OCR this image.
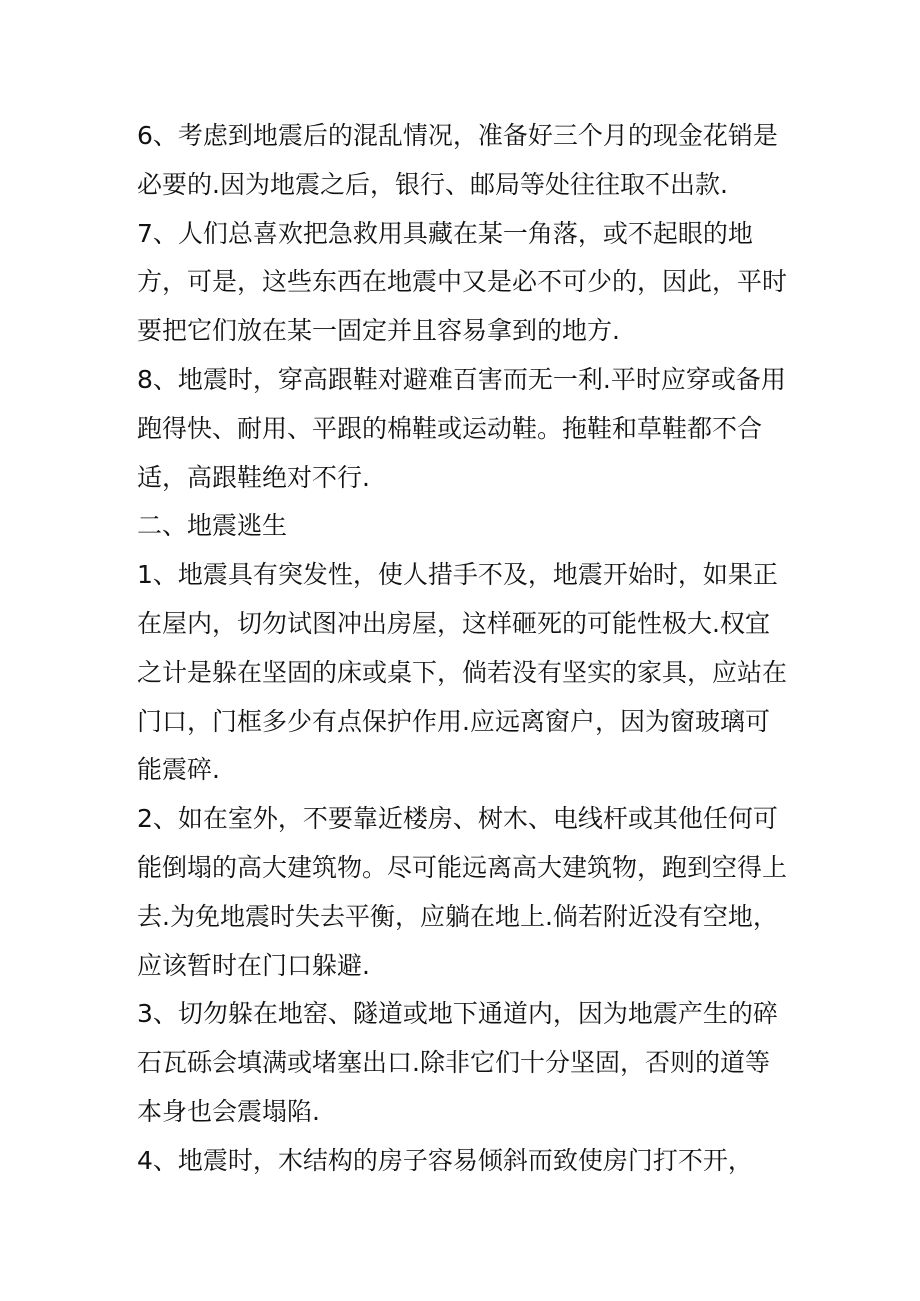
6、考虑到地震后的混乱情况，准备好三个月的现金花销是
必要的.因为地震之后，银行、邮局等处往往取不出款.
7、人们总喜欢把急救用具藏在某一角落，或不起眼的地
方，可是，这些东西在地震中又是必不可少的，因此，平时
要把它们放在某一固定并且容易拿到的地方.
8、地震时，穿高跟鞋对避难百害而无一利.平时应穿或备用
跑得快、耐用、平跟的棉鞋或运动鞋。拖鞋和草鞋都不合
适，高跟鞋绝对不行.
二、地震逃生
1、地震具有突发性，使人措手不及，地震开始时，如果正
在屋内，切勿试图冲出房屋，这样砸死的可能性极大.权宜
之计是躲在坚固的床或桌下，倘若没有坚实的家具，应站在
门口，门框多少有点保护作用.应远离窗户，因为窗玻璃可
能震碎.
2、如在室外，不要靠近楼房、树木、电线杆或其他任何可
能倒塌的高大建筑物。尽可能远离高大建筑物，跑到空得上
去.为免地震时失去平衡，应躺在地上.倘若附近没有空地，
应该暂时在门口躲避.
3、切勿躲在地窑、隧道或地下通道内，因为地震产生的碎
石瓦砾会填满或堵塞出口.除非它们十分坚固，否则的道等
本身也会震塌陷.
4、地震时，木结构的房子容易倾斜而致使房门打不开，
